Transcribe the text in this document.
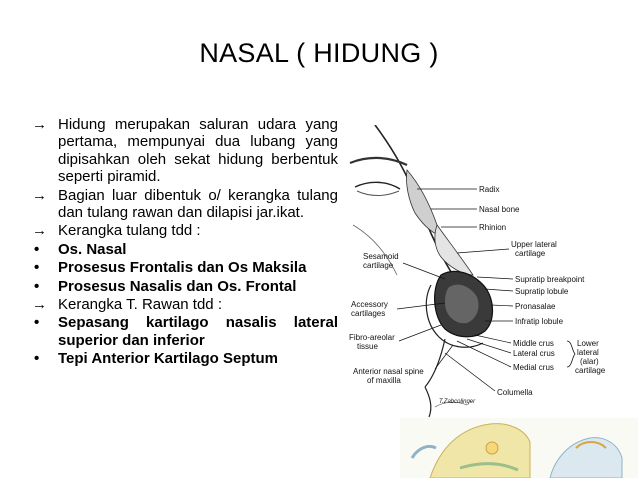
NASAL ( HIDUNG )
→ Hidung merupakan saluran udara yang pertama, mempunyai dua lubang yang dipisahkan oleh sekat hidung berbentuk seperti piramid.
→ Bagian luar dibentuk o/ kerangka tulang dan tulang rawan dan dilapisi jar.ikat.
→ Kerangka tulang tdd :
•	Os. Nasal
•	Prosesus Frontalis dan Os Maksila
•	Prosesus Nasalis dan Os. Frontal
→ Kerangka T. Rawan tdd :
•	Sepasang kartilago nasalis lateral superior dan inferior
•	Tepi Anterior Kartilago Septum
Radix
Nasal bone
Rhinion
Upper lateral
cartilage
Sesamoid
cartilage
Supratip breakpoint
Supratip lobule
Accessory
cartilages
Pronasalae
Infratip lobule
Fibro-areolar
tissue	Middle crus	Lower
lateral
(alar)
cartilage
Lateral crus
Anterior nasal spine
of maxilla
Medial crus
Columella
T.Zabcolinger
